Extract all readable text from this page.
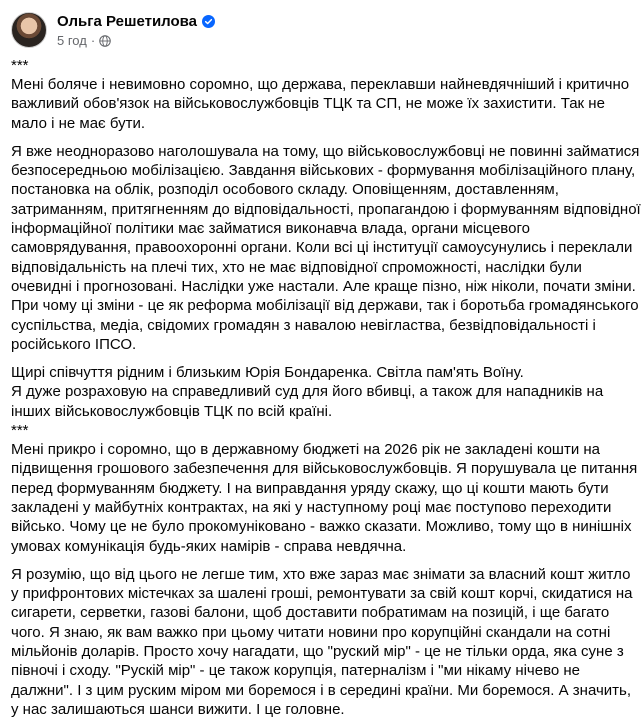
Ольга Решетилова
5 год ·

***

Мені боляче і невимовно соромно, що держава, переклавши найневдячніший і критично важливий обов'язок на військовослужбовців ТЦК та СП, не може їх захистити. Так не мало і не має бути.

Я вже неодноразово наголошувала на тому, що військовослужбовці не повинні займатися безпосередньою мобілізацією. Завдання військових - формування мобілізаційного плану, постановка на облік, розподіл особового складу. Оповіщенням, доставленням, затриманням, притягненням до відповідальності, пропагандою і формуванням відповідної інформаційної політики має займатися виконавча влада, органи місцевого самоврядування, правоохоронні органи. Коли всі ці інституції самоусунулись і переклали відповідальність на плечі тих, хто не має відповідної спроможності, наслідки були очевидні і прогнозовані. Наслідки уже настали. Але краще пізно, ніж ніколи, почати зміни. При чому ці зміни - це як реформа мобілізації від держави, так і боротьба громадянського суспільства, медіа, свідомих громадян з навалою невігластва, безвідповідальності і російського ІПСО.

Щирі співчуття рідним і близьким Юрія Бондаренка. Світла пам'ять Воїну.

Я дуже розраховую на справедливий суд для його вбивці, а також для нападників на інших військовослужбовців ТЦК по всій країні.

***

Мені прикро і соромно, що в державному бюджеті на 2026 рік не закладені кошти на підвищення грошового забезпечення для військовослужбовців. Я порушувала це питання перед формуванням бюджету. І на виправдання уряду скажу, що ці кошти мають бути закладені у майбутніх контрактах, на які у наступному році має поступово переходити військо. Чому це не було прокомуніковано - важко сказати. Можливо, тому що в нинішніх умовах комунікація будь-яких намірів - справа невдячна.

Я розумію, що від цього не легше тим, хто вже зараз має знімати за власний кошт житло у прифронтових містечках за шалені гроші, ремонтувати за свій кошт корчі, скидатися на сигарети, серветки, газові балони, щоб доставити побратимам на позицій, і ще багато чого. Я знаю, як вам важко при цьому читати новини про корупційні скандали на сотні мільйонів доларів. Просто хочу нагадати, що "руский мір" - це не тільки орда, яка суне з півночі і сходу. "Рускій мір" - це також корупція, патерналізм і "ми нікаму нічево не далжни". І з цим руским міром ми боремося і в середині країни. Ми боремося. А значить, у нас залишаються шанси вижити. І це головне.
